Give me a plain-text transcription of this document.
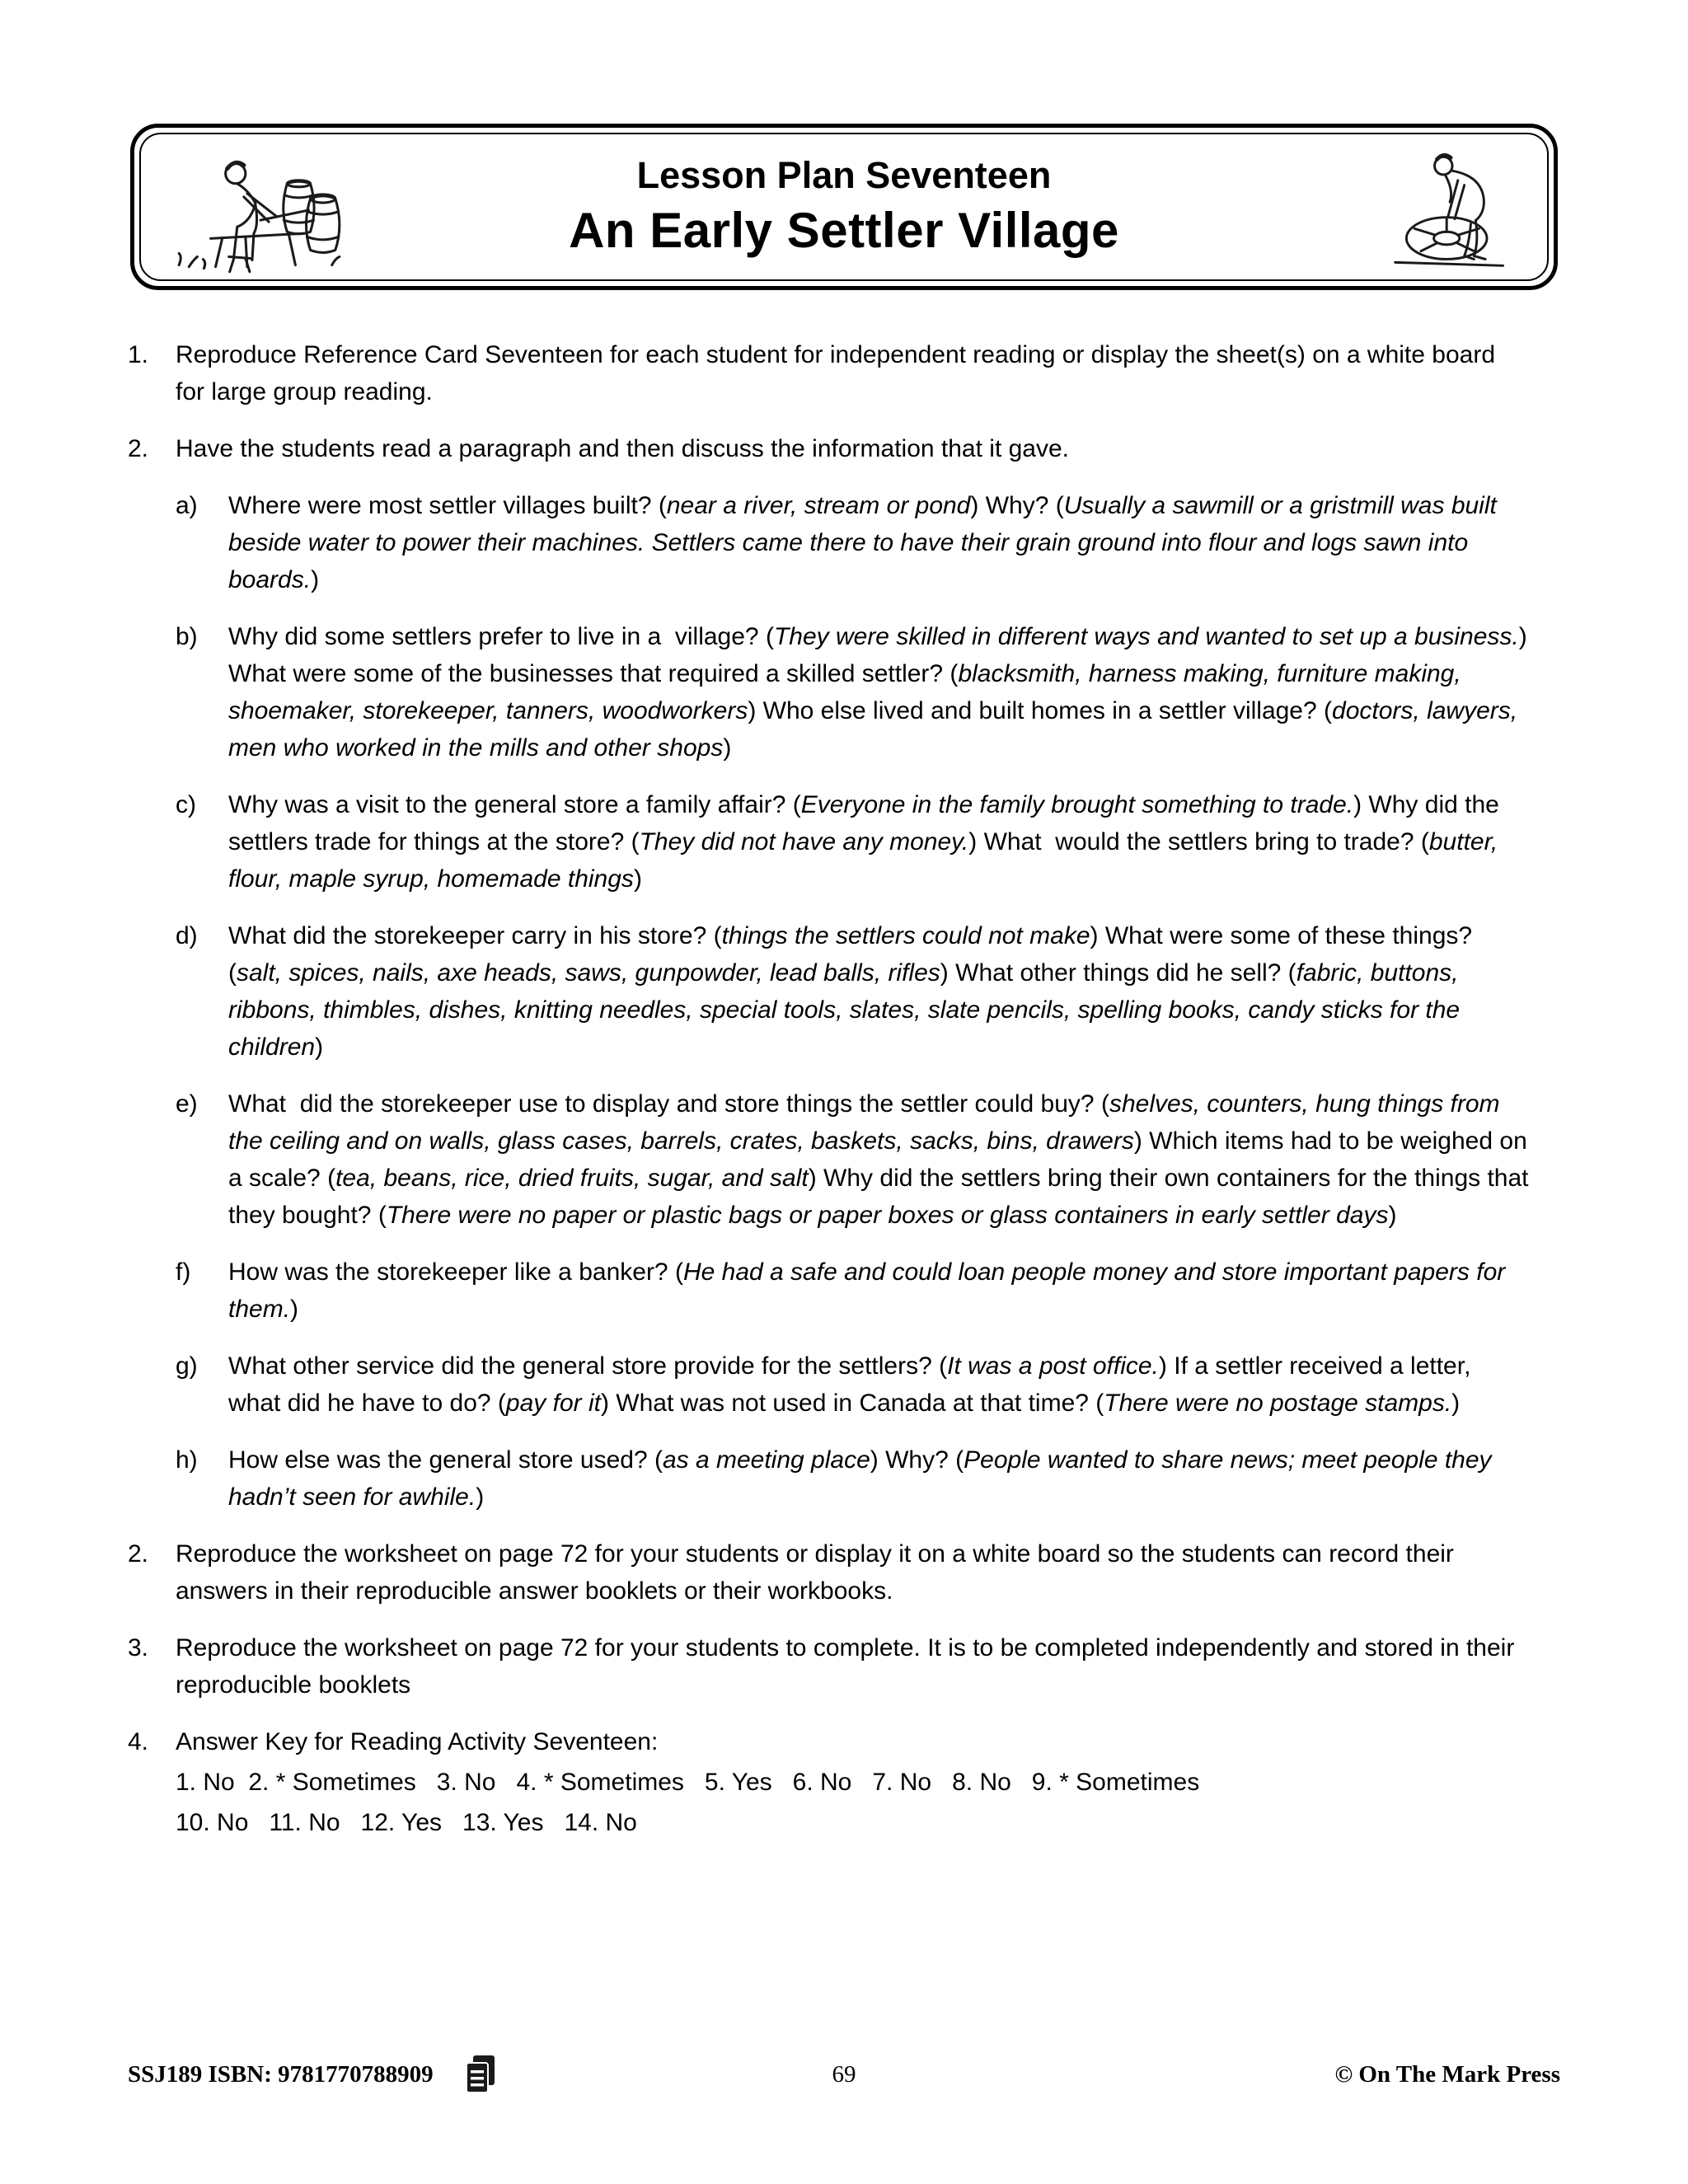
Lesson Plan Seventeen
An Early Settler Village
1.	Reproduce Reference Card Seventeen for each student for independent reading or display the sheet(s) on a white board for large group reading.
2.	Have the students read a paragraph and then discuss the information that it gave.
a)	Where were most settler villages built? (near a river, stream or pond) Why? (Usually a sawmill or a gristmill was built beside water to power their machines. Settlers came there to have their grain ground into flour and logs sawn into boards.)
b)	Why did some settlers prefer to live in a  village? (They were skilled in different ways and wanted to set up a business.) What were some of the businesses that required a skilled settler? (blacksmith, harness making, furniture making, shoemaker, storekeeper, tanners, woodworkers) Who else lived and built homes in a settler village? (doctors, lawyers, men who worked in the mills and other shops)
c)	Why was a visit to the general store a family affair? (Everyone in the family brought something to trade.) Why did the settlers trade for things at the store? (They did not have any money.) What  would the settlers bring to trade? (butter, flour, maple syrup, homemade things)
d)	What did the storekeeper carry in his store? (things the settlers could not make) What were some of these things? (salt, spices, nails, axe heads, saws, gunpowder, lead balls, rifles) What other things did he sell? (fabric, buttons, ribbons, thimbles, dishes, knitting needles, special tools, slates, slate pencils, spelling books, candy sticks for the children)
e)	What  did the storekeeper use to display and store things the settler could buy? (shelves, counters, hung things from the ceiling and on walls, glass cases, barrels, crates, baskets, sacks, bins, drawers) Which items had to be weighed on a scale? (tea, beans, rice, dried fruits, sugar, and salt) Why did the settlers bring their own containers for the things that they bought? (There were no paper or plastic bags or paper boxes or glass containers in early settler days)
f)	How was the storekeeper like a banker? (He had a safe and could loan people money and store important papers for them.)
g)	What other service did the general store provide for the settlers? (It was a post office.) If a settler received a letter, what did he have to do? (pay for it) What was not used in Canada at that time? (There were no postage stamps.)
h)	How else was the general store used? (as a meeting place) Why? (People wanted to share news; meet people they hadn’t seen for awhile.)
2.	Reproduce the worksheet on page 72 for your students or display it on a white board so the students can record their answers in their reproducible answer booklets or their workbooks.
3.	Reproduce the worksheet on page 72 for your students to complete. It is to be completed independently and stored in their reproducible booklets
4.	Answer Key for Reading Activity Seventeen:
1. No  2. * Sometimes   3. No   4. * Sometimes   5. Yes   6. No   7. No   8. No   9. * Sometimes
10. No   11. No   12. Yes   13. Yes   14. No
SSJ189 ISBN: 9781770788909	69	© On The Mark Press
